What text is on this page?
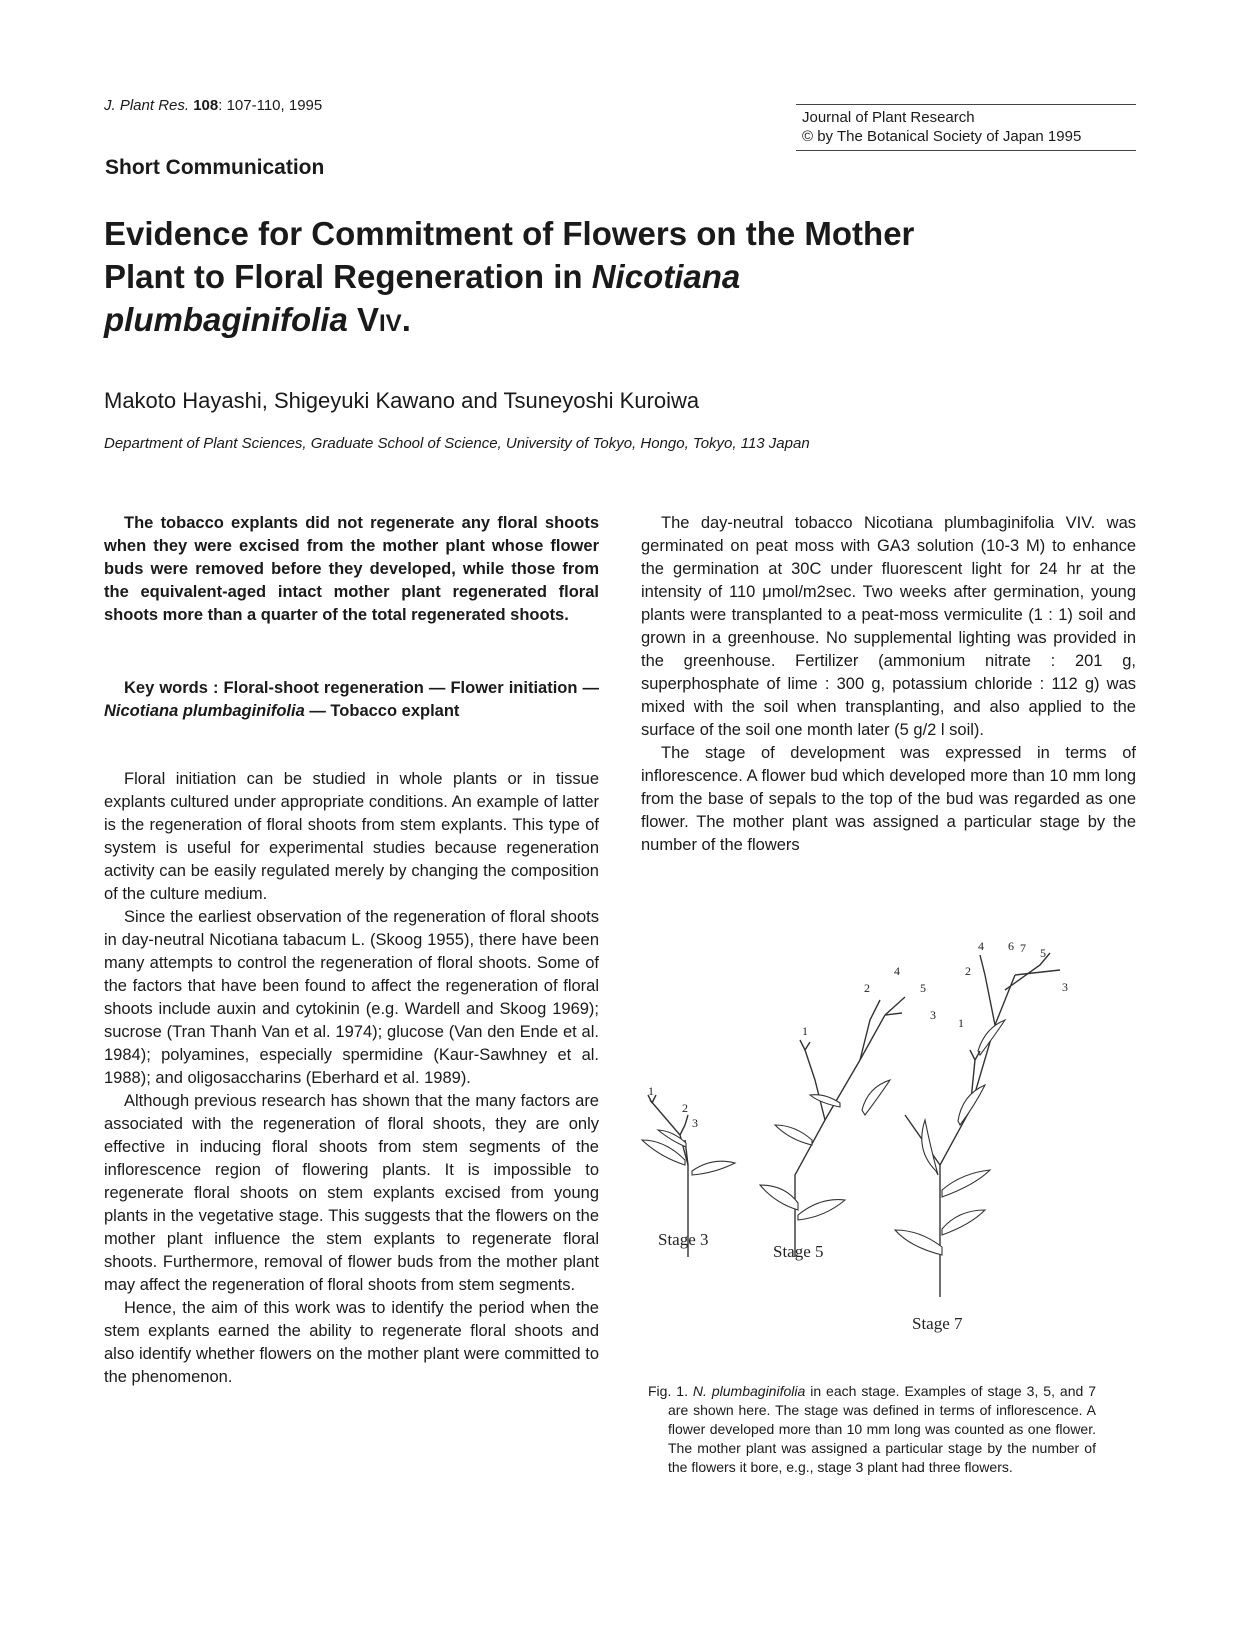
J. Plant Res. 108: 107-110, 1995
Journal of Plant Research
© by The Botanical Society of Japan 1995
Short Communication
Evidence for Commitment of Flowers on the Mother
Plant to Floral Regeneration in Nicotiana
plumbaginifolia VIV.
Makoto Hayashi, Shigeyuki Kawano and Tsuneyoshi Kuroiwa
Department of Plant Sciences, Graduate School of Science, University of Tokyo, Hongo, Tokyo, 113 Japan

The tobacco explants did not regenerate any floral shoots when they were excised from the mother plant whose flower buds were removed before they developed, while those from the equivalent-aged intact mother plant regenerated floral shoots more than a quarter of the total regenerated shoots.

Key words : Floral-shoot regeneration — Flower initiation — Nicotiana plumbaginifolia — Tobacco explant

Floral initiation can be studied in whole plants or in tissue explants cultured under appropriate conditions. An example of latter is the regeneration of floral shoots from stem explants. This type of system is useful for experimental studies because regeneration activity can be easily regulated merely by changing the composition of the culture medium.

Since the earliest observation of the regeneration of floral shoots in day-neutral Nicotiana tabacum L. (Skoog 1955), there have been many attempts to control the regeneration of floral shoots. Some of the factors that have been found to affect the regeneration of floral shoots include auxin and cytokinin (e.g. Wardell and Skoog 1969); sucrose (Tran Thanh Van et al. 1974); glucose (Van den Ende et al. 1984); polyamines, especially spermidine (Kaur-Sawhney et al. 1988); and oligosaccharins (Eberhard et al. 1989).

Although previous research has shown that the many factors are associated with the regeneration of floral shoots, they are only effective in inducing floral shoots from stem segments of the inflorescence region of flowering plants. It is impossible to regenerate floral shoots on stem explants excised from young plants in the vegetative stage. This suggests that the flowers on the mother plant influence the stem explants to regenerate floral shoots. Furthermore, removal of flower buds from the mother plant may affect the regeneration of floral shoots from stem segments.

Hence, the aim of this work was to identify the period when the stem explants earned the ability to regenerate floral shoots and also identify whether flowers on the mother plant were committed to the phenomenon.

The day-neutral tobacco Nicotiana plumbaginifolia VIV. was germinated on peat moss with GA3 solution (10-3 M) to enhance the germination at 30C under fluorescent light for 24 hr at the intensity of 110 μmol/m2sec. Two weeks after germination, young plants were transplanted to a peat-moss vermiculite (1 : 1) soil and grown in a greenhouse. No supplemental lighting was provided in the greenhouse. Fertilizer (ammonium nitrate : 201 g, superphosphate of lime : 300 g, potassium chloride : 112 g) was mixed with the soil when transplanting, and also applied to the surface of the soil one month later (5 g/2 l soil).

The stage of development was expressed in terms of inflorescence. A flower bud which developed more than 10 mm long from the base of sepals to the top of the bud was regarded as one flower. The mother plant was assigned a particular stage by the number of the flowers

1
2
3
Stage 3
1
2
4
5
3
Stage 5
4 6 7 5
2
3
1
Stage 7
Fig. 1. N. plumbaginifolia in each stage. Examples of stage 3, 5, and 7 are shown here. The stage was defined in terms of inflorescence. A flower developed more than 10 mm long was counted as one flower. The mother plant was assigned a particular stage by the number of the flowers it bore, e.g., stage 3 plant had three flowers.
